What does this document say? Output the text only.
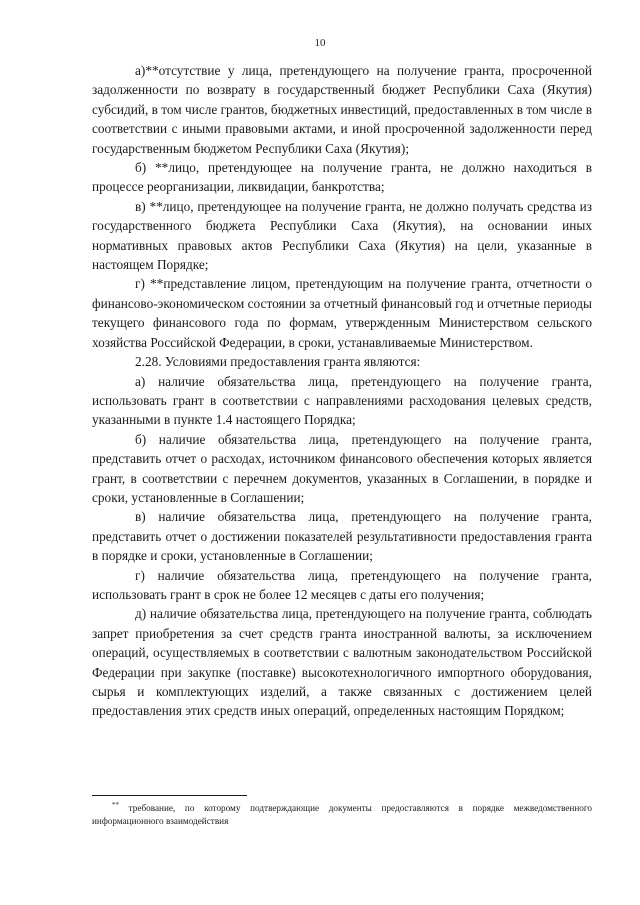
10

а)**отсутствие у лица, претендующего на получение гранта, просроченной задолженности по возврату в государственный бюджет Республики Саха (Якутия) субсидий, в том числе грантов, бюджетных инвестиций, предоставленных в том числе в соответствии с иными правовыми актами, и иной просроченной задолженности перед государственным бюджетом Республики Саха (Якутия);

б) **лицо, претендующее на получение гранта, не должно находиться в процессе реорганизации, ликвидации, банкротства;

в) **лицо, претендующее на получение гранта, не должно получать средства из государственного бюджета Республики Саха (Якутия), на основании иных нормативных правовых актов Республики Саха (Якутия) на цели, указанные в настоящем Порядке;

г) **представление лицом, претендующим на получение гранта, отчетности о финансово-экономическом состоянии за отчетный финансовый год и отчетные периоды текущего финансового года по формам, утвержденным Министерством сельского хозяйства Российской Федерации, в сроки, устанавливаемые Министерством.

2.28. Условиями предоставления гранта являются:

а) наличие обязательства лица, претендующего на получение гранта, использовать грант в соответствии с направлениями расходования целевых средств, указанными в пункте 1.4 настоящего Порядка;

б) наличие обязательства лица, претендующего на получение гранта, представить отчет о расходах, источником финансового обеспечения которых является грант, в соответствии с перечнем документов, указанных в Соглашении, в порядке и сроки, установленные в Соглашении;

в) наличие обязательства лица, претендующего на получение гранта, представить отчет о достижении показателей результативности предоставления гранта в порядке и сроки, установленные в Соглашении;

г) наличие обязательства лица, претендующего на получение гранта, использовать грант в срок не более 12 месяцев с даты его получения;

д) наличие обязательства лица, претендующего на получение гранта, соблюдать запрет приобретения за счет средств гранта иностранной валюты, за исключением операций, осуществляемых в соответствии с валютным законодательством Российской Федерации при закупке (поставке) высокотехнологичного импортного оборудования, сырья и комплектующих изделий, а также связанных с достижением целей предоставления этих средств иных операций, определенных настоящим Порядком;

** требование, по которому подтверждающие документы предоставляются в порядке межведомственного информационного взаимодействия
